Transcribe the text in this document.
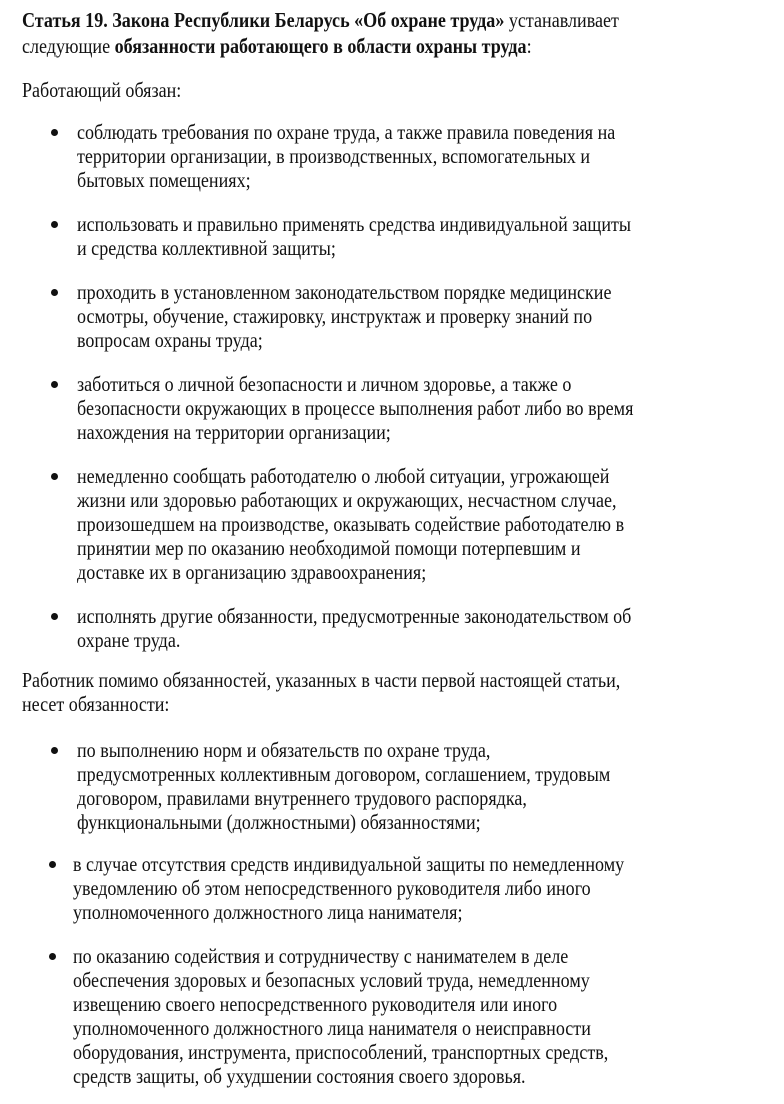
Статья 19. Закона Республики Беларусь «Об охране труда» устанавливает
следующие обязанности работающего в области охраны труда:
Работающий обязан:
соблюдать требования по охране труда, а также правила поведения на
территории организации, в производственных, вспомогательных и
бытовых помещениях;
использовать и правильно применять средства индивидуальной защиты
и средства коллективной защиты;
проходить в установленном законодательством порядке медицинские
осмотры, обучение, стажировку, инструктаж и проверку знаний по
вопросам охраны труда;
заботиться о личной безопасности и личном здоровье, а также о
безопасности окружающих в процессе выполнения работ либо во время
нахождения на территории организации;
немедленно сообщать работодателю о любой ситуации, угрожающей
жизни или здоровью работающих и окружающих, несчастном случае,
произошедшем на производстве, оказывать содействие работодателю в
принятии мер по оказанию необходимой помощи потерпевшим и
доставке их в организацию здравоохранения;
исполнять другие обязанности, предусмотренные законодательством об
охране труда.
Работник помимо обязанностей, указанных в части первой настоящей статьи,
несет обязанности:
по выполнению норм и обязательств по охране труда,
предусмотренных коллективным договором, соглашением, трудовым
договором, правилами внутреннего трудового распорядка,
функциональными (должностными) обязанностями;
в случае отсутствия средств индивидуальной защиты по немедленному
уведомлению об этом непосредственного руководителя либо иного
уполномоченного должностного лица нанимателя;
по оказанию содействия и сотрудничеству с нанимателем в деле
обеспечения здоровых и безопасных условий труда, немедленному
извещению своего непосредственного руководителя или иного
уполномоченного должностного лица нанимателя о неисправности
оборудования, инструмента, приспособлений, транспортных средств,
средств защиты, об ухудшении состояния своего здоровья.
